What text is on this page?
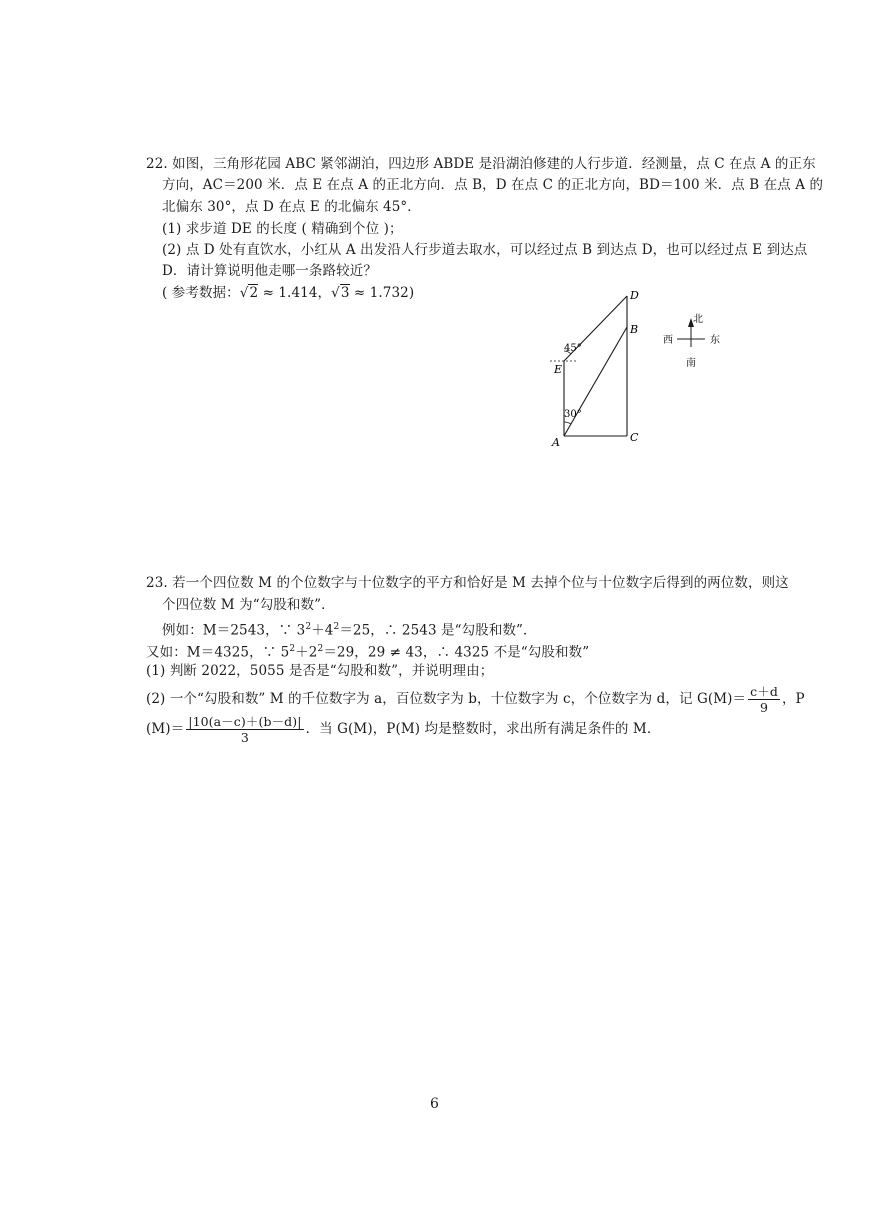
22. 如图，三角形花园 ABC 紧邻湖泊，四边形 ABDE 是沿湖泊修建的人行步道．经测量，点 C 在点 A 的正东
方向，AC＝200 米．点 E 在点 A 的正北方向．点 B，D 在点 C 的正北方向，BD＝100 米．点 B 在点 A 的
北偏东 30°，点 D 在点 E 的北偏东 45°．
(1) 求步道 DE 的长度 ( 精确到个位 )；
(2) 点 D 处有直饮水，小红从 A 出发沿人行步道去取水，可以经过点 B 到达点 D，也可以经过点 E 到达点
D．请计算说明他走哪一条路较近？
( 参考数据：√2 ≈ 1.414，√3 ≈ 1.732)	D
B
E
A	C
45°
30°
北
南
西	东
23. 若一个四位数 M 的个位数字与十位数字的平方和恰好是 M 去掉个位与十位数字后得到的两位数，则这
个四位数 M 为“勾股和数”．
例如：M＝2543，∵ $3^2+4^2=25$，∴ 2543 是“勾股和数”．
又如：M＝4325，∵ $5^2+2^2=29$，29 ≠ 43，∴ 4325 不是“勾股和数”
(1) 判断 2022，5055 是否是“勾股和数”，并说明理由；
(2) 一个“勾股和数” M 的千位数字为 a，百位数字为 b，十位数字为 c，个位数字为 d，记 $G(M)= \frac{c+d}{9}$ ，P
$(M)= \frac{|10(a-c)+(b-d)|}{3}$ ．当 G(M)，P(M) 均是整数时，求出所有满足条件的 M．
6
